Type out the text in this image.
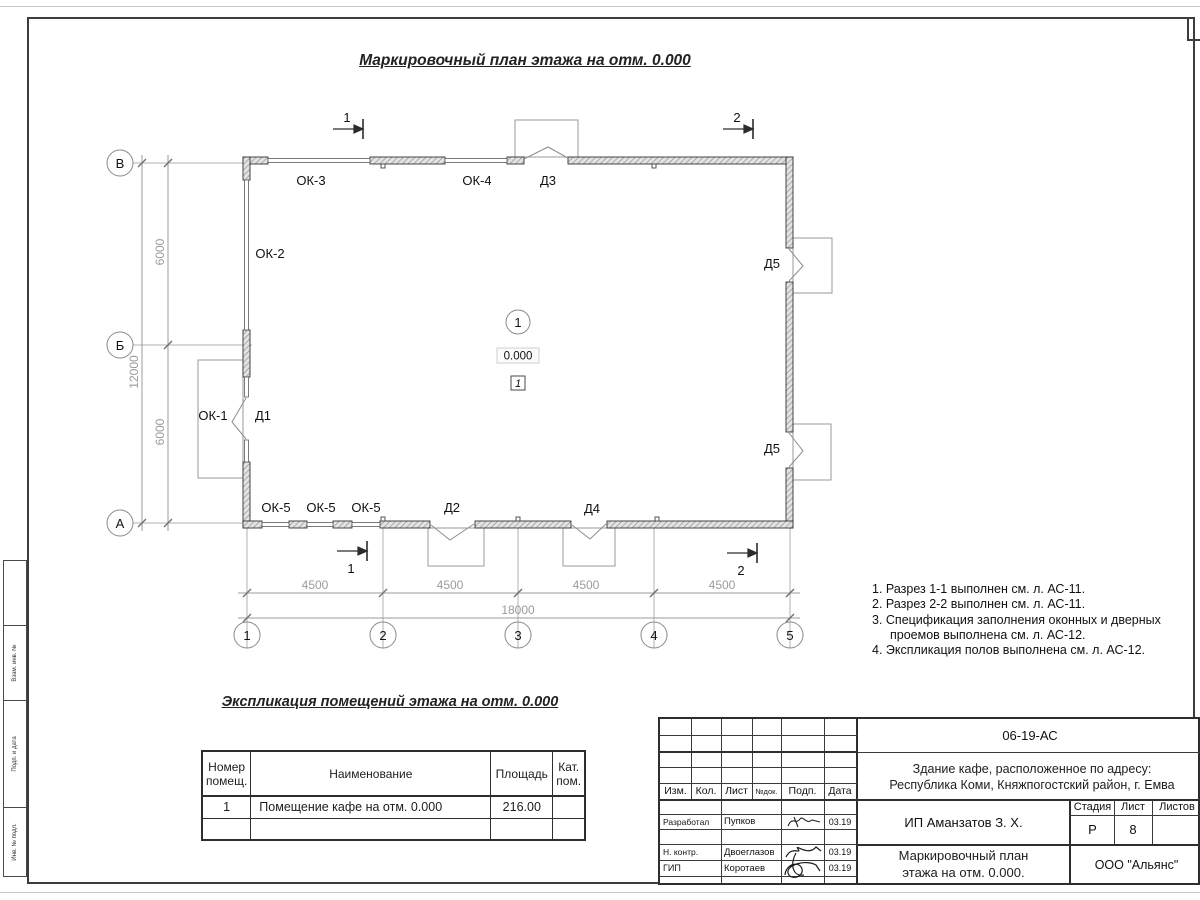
Взам. инв. №
Подп. и дата
Инв. № подл.
Маркировочный план этажа на отм. 0.000
6000
6000
12000
4500	4500	4500	4500
18000
В
Б
А
1	2	3	4	5
1	2
1	2
1
0.000
1
ОК-3	ОК-4	Д3
ОК-2
Д5
ОК-1 Д1
Д5
ОК-5 ОК-5 ОК-5	Д2	Д4
1. Разрез 1-1 выполнен см. л. АС-11.
2. Разрез 2-2 выполнен см. л. АС-11.
3. Спецификация заполнения оконных и дверных проемов выполнена см. л. АС-12.
4. Экспликация полов выполнена см. л. АС-12.
Экспликация помещений этажа на отм. 0.000
Номер помещ.	Наименование	Площадь	Кат. пом.
1	Помещение кафе на отм. 0.000	216.00	

Изм. Кол. Лист	№док.	Подп.	Дата
Разработал	Пупков	03.19
Н. контр.	Двоеглазов	03.19
ГИП	Коротаев	03.19
06-19-АС
Здание кафе, расположенное по адресу:
Республика Коми, Княжпогостский район, г. Емва
ИП Аманзатов З. Х.
Стадия Лист	Листов
Р	8
Маркировочный план
этажа на отм. 0.000.	ООО "Альянс"
